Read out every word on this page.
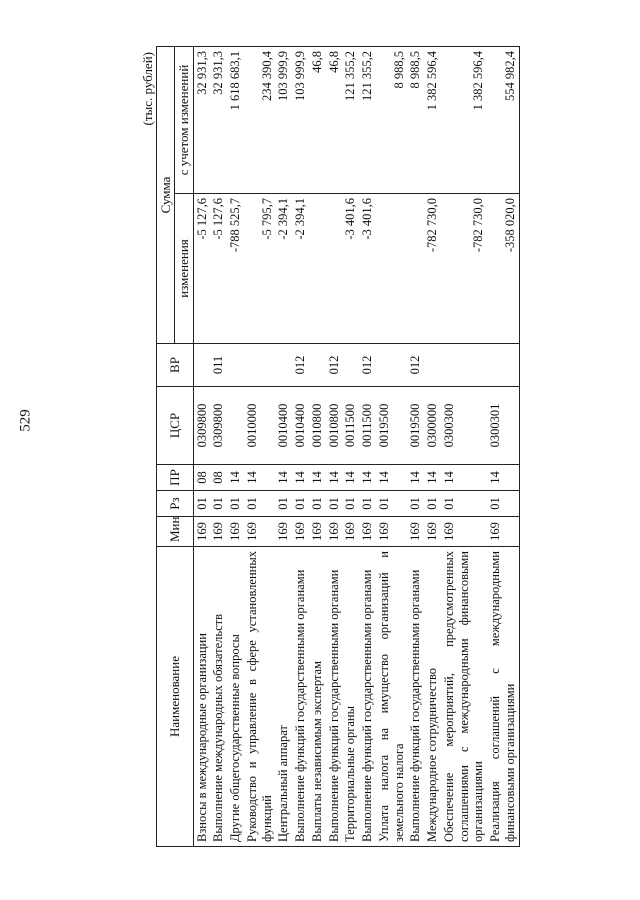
529
(тыс. рублей)
Наименование	Мин	Рз	ПР	ЦСР	ВР	Сумма	
						изменения	с учетом изменений
Взносы в международные организации	169	01	08	0309800		-5 127,6	32 931,3
Выполнение международных обязательств	169	01	08	0309800	011	-5 127,6	32 931,3
Другие общегосударственные вопросы	169	01	14			-788 525,7	1 618 683,1
Руководство и управление в сфере установленных функций	169	01	14	0010000		-5 795,7	234 390,4
Центральный аппарат	169	01	14	0010400		-2 394,1	103 999,9
Выполнение функций государственными органами	169	01	14	0010400	012	-2 394,1	103 999,9
Выплаты независимым экспертам	169	01	14	0010800			46,8
Выполнение функций государственными органами	169	01	14	0010800	012		46,8
Территориальные органы	169	01	14	0011500		-3 401,6	121 355,2
Выполнение функций государственными органами	169	01	14	0011500	012	-3 401,6	121 355,2
Уплата налога на имущество организаций и земельного налога	169	01	14	0019500			8 988,5
Выполнение функций государственными органами	169	01	14	0019500	012		8 988,5
Международное сотрудничество	169	01	14	0300000		-782 730,0	1 382 596,4
Обеспечение мероприятий, предусмотренных соглашениями с международными финансовыми организациями	169	01	14	0300300		-782 730,0	1 382 596,4
Реализация соглашений с международными финансовыми организациями	169	01	14	0300301		-358 020,0	554 982,4
